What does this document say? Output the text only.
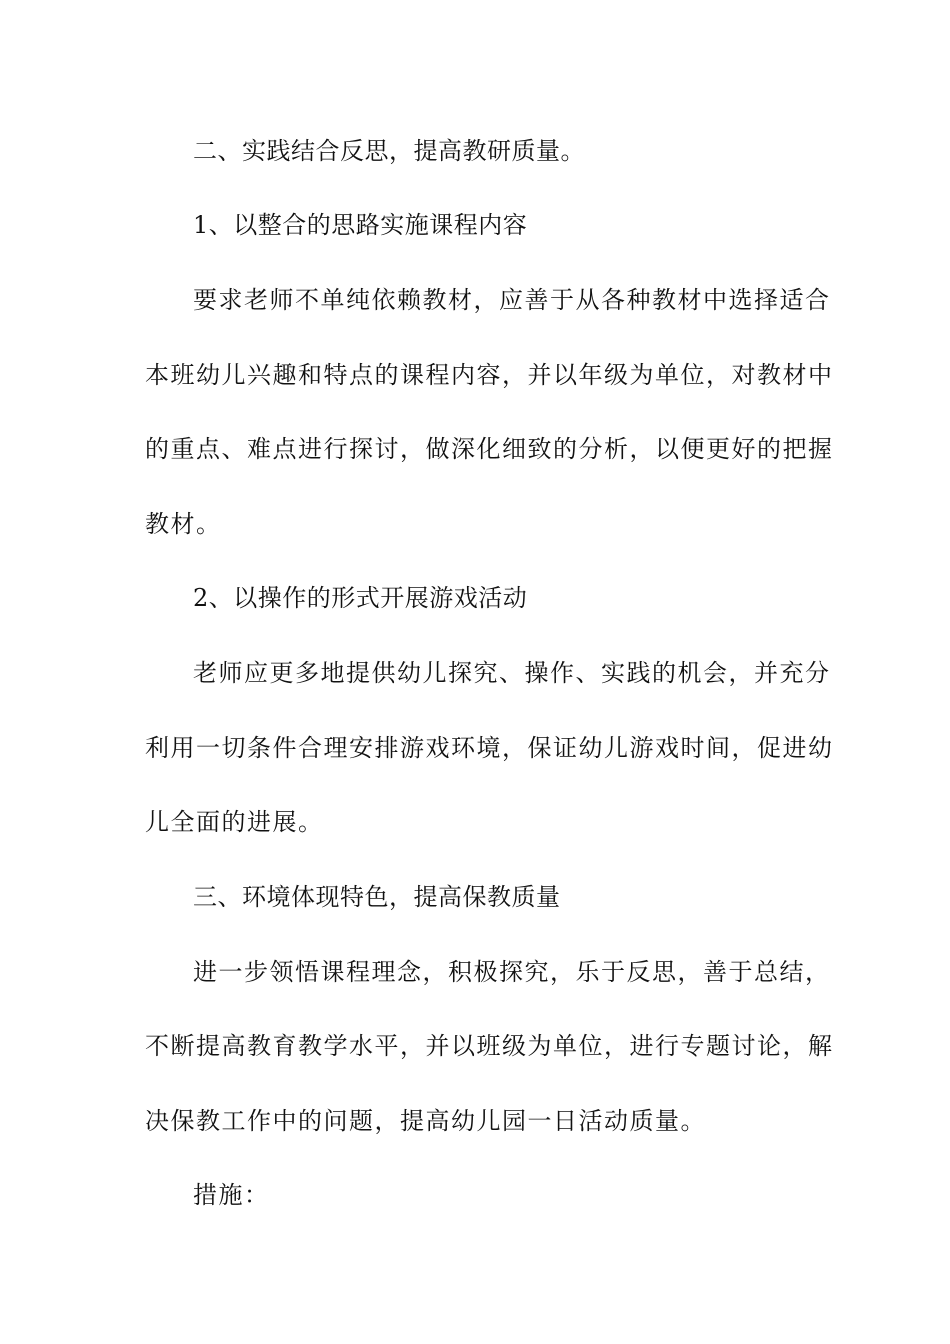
二、实践结合反思，提高教研质量。
1、以整合的思路实施课程内容
要求老师不单纯依赖教材，应善于从各种教材中选择适合
本班幼儿兴趣和特点的课程内容，并以年级为单位，对教材中
的重点、难点进行探讨，做深化细致的分析，以便更好的把握
教材。
2、以操作的形式开展游戏活动
老师应更多地提供幼儿探究、操作、实践的机会，并充分
利用一切条件合理安排游戏环境，保证幼儿游戏时间，促进幼
儿全面的进展。
三、环境体现特色，提高保教质量
进一步领悟课程理念，积极探究，乐于反思，善于总结，
不断提高教育教学水平，并以班级为单位，进行专题讨论，解
决保教工作中的问题，提高幼儿园一日活动质量。
措施：
